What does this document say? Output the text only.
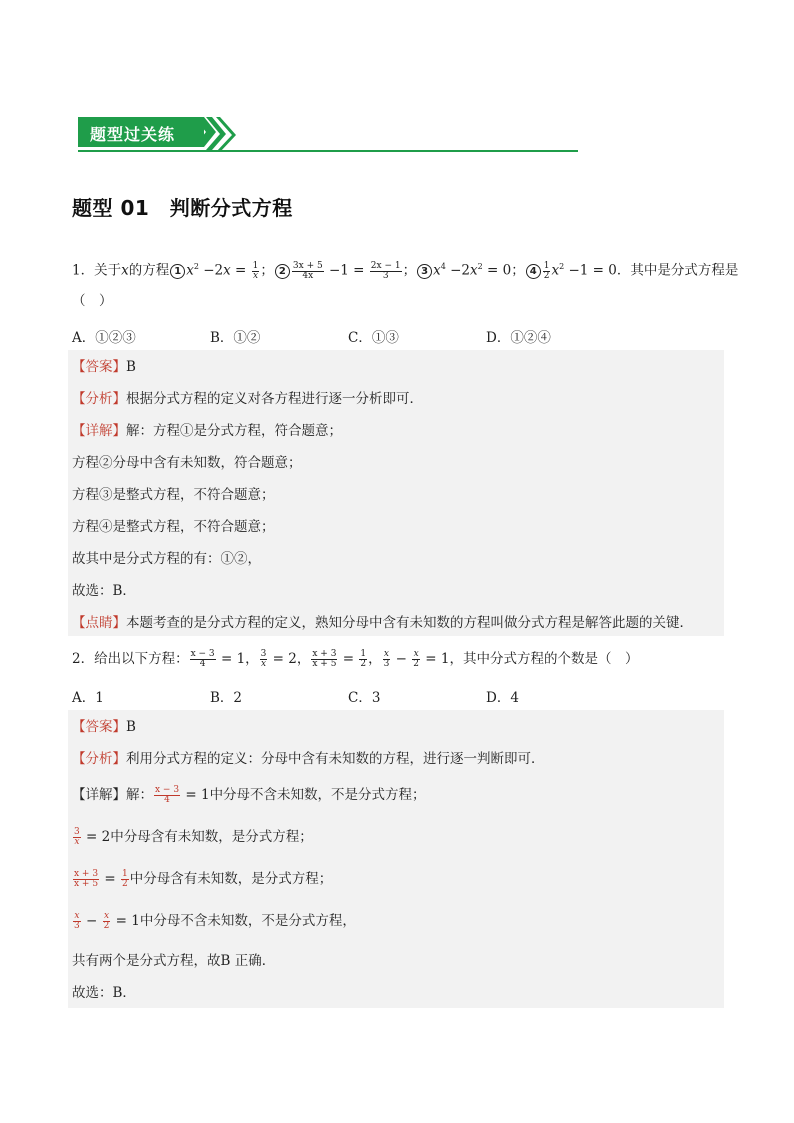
题型过关练
题型 01　判断分式方程
1．关于x的方程 1 $x^2 -2x = \frac{1}{x}$ ； $2 \frac{3x + 5}{4x} -1 = \frac{2x - 1}{3}$ ； 3 $x^4 -2x^2 = 0$； $4 \frac{1}{2} x^2 -1 = 0$．其中是分式方程是
（　）
A．①②③	B．①②	C．①③	D．①②④
【答案】B
【分析】根据分式方程的定义对各方程进行逐一分析即可．
【详解】解：方程①是分式方程，符合题意；
方程②分母中含有未知数，符合题意；
方程③是整式方程，不符合题意；
方程④是整式方程，不符合题意；
故其中是分式方程的有：①②，
故选：B．
【点睛】本题考查的是分式方程的定义，熟知分母中含有未知数的方程叫做分式方程是解答此题的关键．
2．给出以下方程： $\frac{x - 3}{4} = 1$， $\frac{3}{x} = 2$， $\frac{x + 3}{x + 5} = \frac{1}{2}$ ， $\frac{x}{3} - \frac{x}{2} = 1$，其中分式方程的个数是（　）
A．1	B．2	C．3	D．4
【答案】B
【分析】利用分式方程的定义：分母中含有未知数的方程，进行逐一判断即可．
【详解】解： $\frac{x - 3}{4} = 1$中分母不含未知数，不是分式方程；
$\frac{3}{x} = 2$中分母含有未知数，是分式方程；
$\frac{x + 3}{x + 5} = \frac{1}{2}$ 中分母含有未知数，是分式方程；
$\frac{x}{3} - \frac{x}{2} = 1$中分母不含未知数，不是分式方程，
共有两个是分式方程，故B 正确．
故选：B．
